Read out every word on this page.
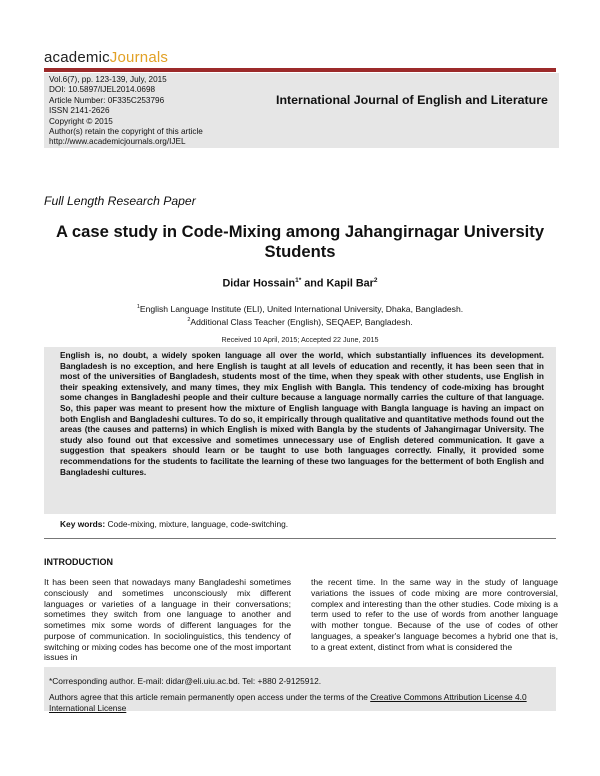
academicJournals
Vol.6(7), pp. 123-139, July, 2015
DOI: 10.5897/IJEL2014.0698
Article Number: 0F335C253796
ISSN 2141-2626
Copyright © 2015
Author(s) retain the copyright of this article
http://www.academicjournals.org/IJEL
International Journal of English and Literature
Full Length Research Paper
A case study in Code-Mixing among Jahangirnagar University Students
Didar Hossain$^{1*}$ and Kapil Bar$^2$
$^1$English Language Institute (ELI), United International University, Dhaka, Bangladesh.
$^2$Additional Class Teacher (English), SEQAEP, Bangladesh.
Received 10 April, 2015; Accepted 22 June, 2015
English is, no doubt, a widely spoken language all over the world, which substantially influences its development. Bangladesh is no exception, and here English is taught at all levels of education and recently, it has been seen that in most of the universities of Bangladesh, students most of the time, when they speak with other students, use English in their speaking extensively, and many times, they mix English with Bangla. This tendency of code-mixing has brought some changes in Bangladeshi people and their culture because a language normally carries the culture of that language. So, this paper was meant to present how the mixture of English language with Bangla language is having an impact on both English and Bangladeshi cultures. To do so, it empirically through qualitative and quantitative methods found out the areas (the causes and patterns) in which English is mixed with Bangla by the students of Jahangirnagar University. The study also found out that excessive and sometimes unnecessary use of English detered communication. It gave a suggestion that speakers should learn or be taught to use both languages correctly. Finally, it provided some recommendations for the students to facilitate the learning of these two languages for the betterment of both English and Bangladeshi cultures.
Key words: Code-mixing, mixture, language, code-switching.
INTRODUCTION
It has been seen that nowadays many Bangladeshi sometimes consciously and sometimes unconsciously mix different languages or varieties of a language in their conversations; sometimes they switch from one language to another and sometimes mix some words of different languages for the purpose of communication. In sociolinguistics, this tendency of switching or mixing codes has become one of the most important issues in
the recent time. In the same way in the study of language variations the issues of code mixing are more controversial, complex and interesting than the other studies. Code mixing is a term used to refer to the use of words from another language with mother tongue. Because of the use of codes of other languages, a speaker's language becomes a hybrid one that is, to a great extent, distinct from what is considered the
*Corresponding author. E-mail: didar@eli.uiu.ac.bd. Tel: +880 2-9125912.
Authors agree that this article remain permanently open access under the terms of the Creative Commons Attribution License 4.0 International License
